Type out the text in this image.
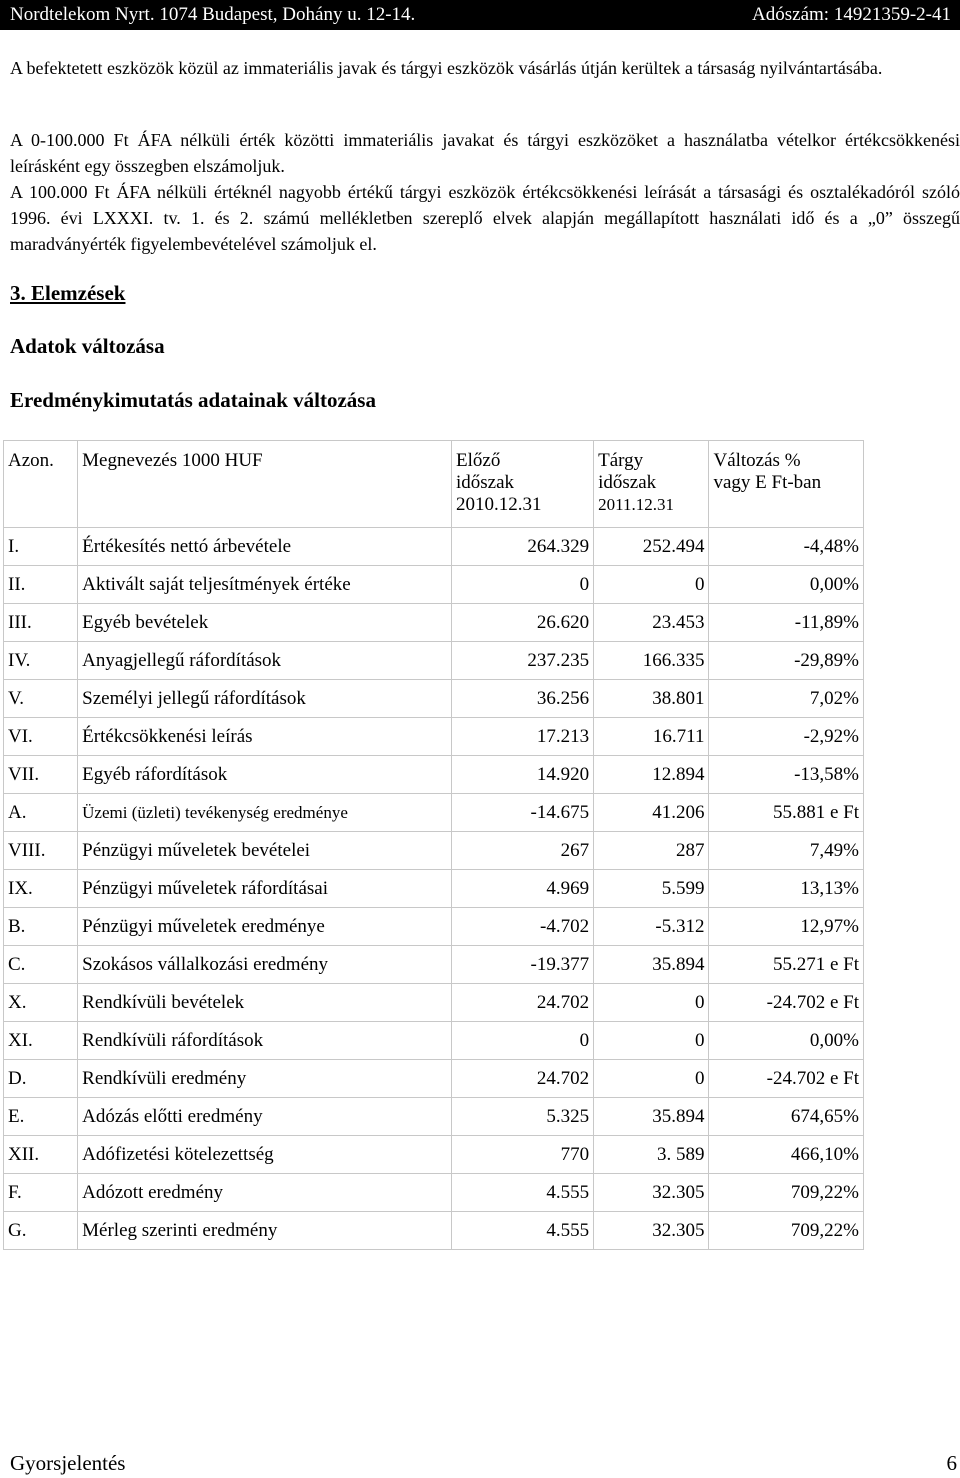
Nordtelekom Nyrt. 1074 Budapest, Dohány u. 12-14.	Adószám: 14921359-2-41
A befektetett eszközök közül az immateriális javak és tárgyi eszközök vásárlás útján kerültek a társaság nyilvántartásába.
A 0-100.000 Ft ÁFA nélküli érték közötti immateriális javakat és tárgyi eszközöket a használatba vételkor értékcsökkenési leírásként egy összegben elszámoljuk.
A 100.000 Ft ÁFA nélküli értéknél nagyobb értékű tárgyi eszközök értékcsökkenési leírását a társasági és osztalékadóról szóló 1996. évi LXXXI. tv. 1. és 2. számú mellékletben szereplő elvek alapján megállapított használati idő és a „0” összegű maradványérték figyelembevételével számoljuk el.
3. Elemzések
Adatok változása
Eredménykimutatás adatainak változása
Azon.	Megnevezés 1000 HUF	Előző
időszak
2010.12.31	Tárgy
időszak
2011.12.31	Változás %
vagy E Ft-ban
I.	Értékesítés nettó árbevétele	264.329	252.494	-4,48%
II.	Aktivált saját teljesítmények értéke	0	0	0,00%
III.	Egyéb bevételek	26.620	23.453	-11,89%
IV.	Anyagjellegű ráfordítások	237.235	166.335	-29,89%
V.	Személyi jellegű ráfordítások	36.256	38.801	7,02%
VI.	Értékcsökkenési leírás	17.213	16.711	-2,92%
VII.	Egyéb ráfordítások	14.920	12.894	-13,58%
A.	Üzemi (üzleti) tevékenység eredménye	-14.675	41.206	55.881 e Ft
VIII.	Pénzügyi műveletek bevételei	267	287	7,49%
IX.	Pénzügyi műveletek ráfordításai	4.969	5.599	13,13%
B.	Pénzügyi műveletek eredménye	-4.702	-5.312	12,97%
C.	Szokásos vállalkozási eredmény	-19.377	35.894	55.271 e Ft
X.	Rendkívüli bevételek	24.702	0	-24.702 e Ft
XI.	Rendkívüli ráfordítások	0	0	0,00%
D.	Rendkívüli eredmény	24.702	0	-24.702 e Ft
E.	Adózás előtti eredmény	5.325	35.894	674,65%
XII.	Adófizetési kötelezettség	770	3. 589	466,10%
F.	Adózott eredmény	4.555	32.305	709,22%
G.	Mérleg szerinti eredmény	4.555	32.305	709,22%
Gyorsjelentés	6
